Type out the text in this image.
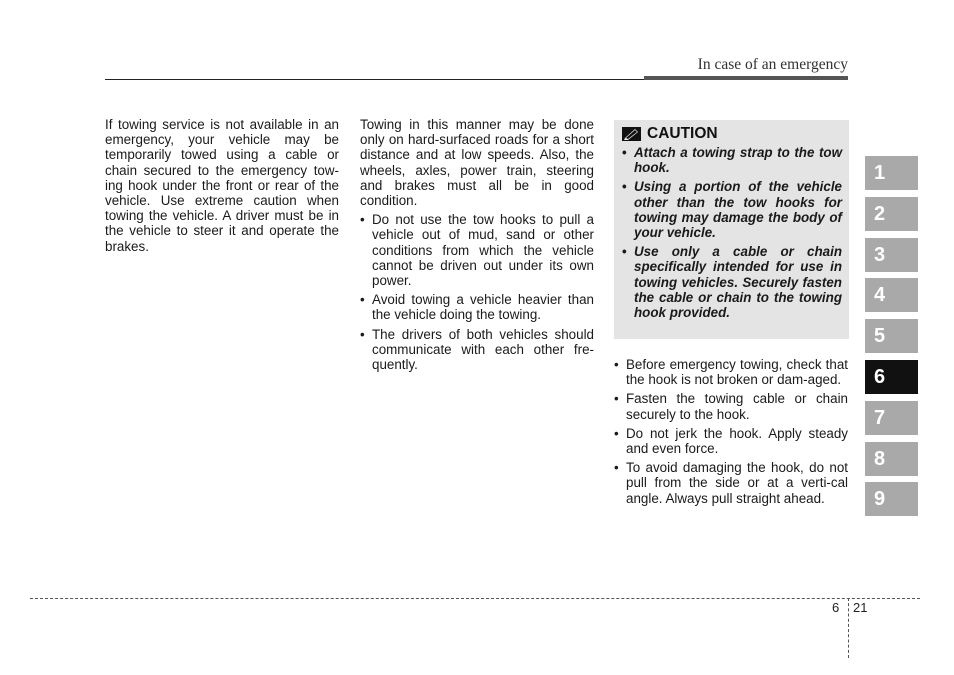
In case of an emergency

If towing service is not available in an emergency, your vehicle may be temporarily towed using a cable or chain secured to the emergency tow-ing hook under the front or rear of the vehicle. Use extreme caution when towing the vehicle. A driver must be in the vehicle to steer it and operate the brakes.

Towing in this manner may be done only on hard-surfaced roads for a short distance and at low speeds. Also, the wheels, axles, power train, steering and brakes must all be in good condition.

• Do not use the tow hooks to pull a vehicle out of mud, sand or other conditions from which the vehicle cannot be driven out under its own power.
• Avoid towing a vehicle heavier than the vehicle doing the towing.
• The drivers of both vehicles should communicate with each other fre-quently.
CAUTION
• Attach a towing strap to the tow hook.
• Using a portion of the vehicle other than the tow hooks for towing may damage the body of your vehicle.
• Use only a cable or chain specifically intended for use in towing vehicles. Securely fasten the cable or chain to the towing hook provided.
• Before emergency towing, check that the hook is not broken or dam-aged.
• Fasten the towing cable or chain securely to the hook.
• Do not jerk the hook. Apply steady and even force.
• To avoid damaging the hook, do not pull from the side or at a verti-cal angle. Always pull straight ahead.
1
2
3
4
5
6
7
8
9
6 21
